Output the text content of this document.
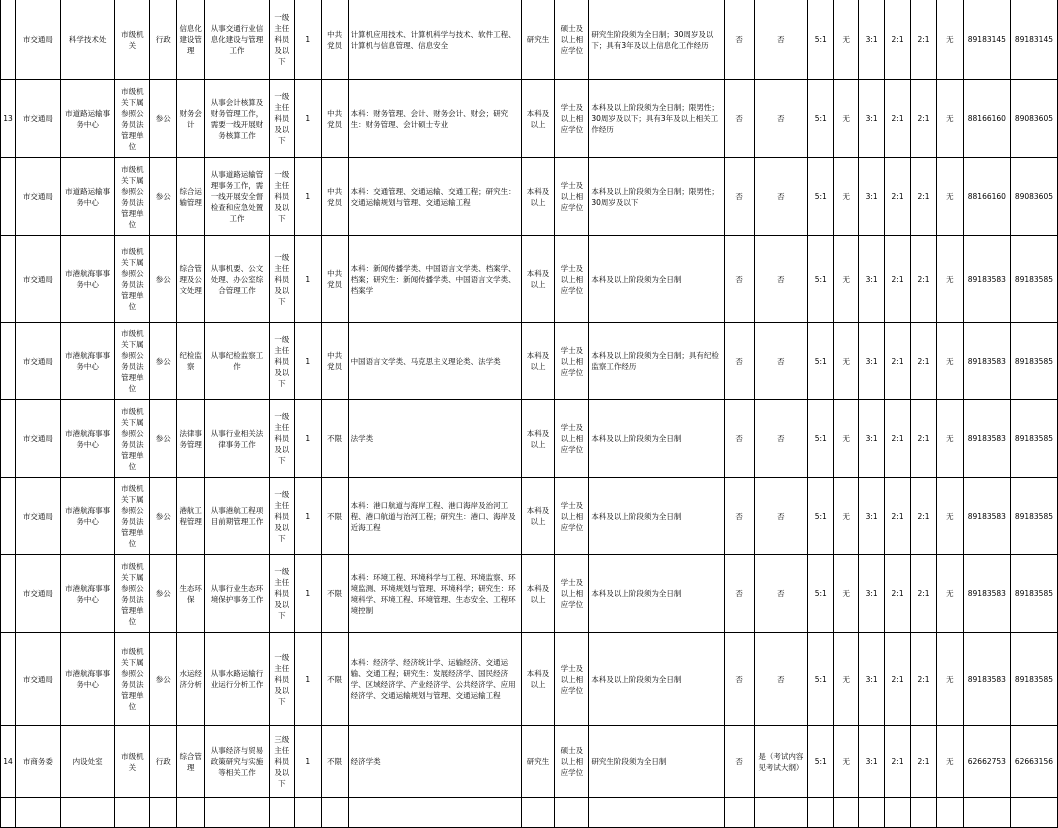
	市交通局	科学技术处	市级机关	行政	信息化建设管理	从事交通行业信息化建设与管理工作	一级主任科员及以下	1	中共党员	计算机应用技术、计算机科学与技术、软件工程、计算机与信息管理、信息安全	研究生	硕士及以上相应学位	研究生阶段须为全日制；30周岁及以下；具有3年及以上信息化工作经历	否	否	5:1	无	3:1	2:1	2:1	无	89183145	89183145
13	市交通局	市道路运输事务中心	市级机关下属参照公务员法管理单位	参公	财务会计	从事会计核算及财务管理工作，需要一线开展财务核算工作	一级主任科员及以下	1	中共党员	本科：财务管理、会计、财务会计、财会；研究生：财务管理、会计硕士专业	本科及以上	学士及以上相应学位	本科及以上阶段须为全日制；限男性；30周岁及以下；具有3年及以上相关工作经历	否	否	5:1	无	3:1	2:1	2:1	无	88166160	89083605
	市交通局	市道路运输事务中心	市级机关下属参照公务员法管理单位	参公	综合运输管理	从事道路运输管理事务工作，需一线开展安全督检查和应急处置工作	一级主任科员及以下	1	中共党员	本科：交通管理、交通运输、交通工程；研究生：交通运输规划与管理、交通运输工程	本科及以上	学士及以上相应学位	本科及以上阶段须为全日制；限男性；30周岁及以下	否	否	5:1	无	3:1	2:1	2:1	无	88166160	89083605
	市交通局	市港航海事事务中心	市级机关下属参照公务员法管理单位	参公	综合管理及公文处理	从事机要、公文处理、办公室综合管理工作	一级主任科员及以下	1	中共党员	本科：新闻传播学类、中国语言文学类、档案学、档案；研究生：新闻传播学类、中国语言文学类、档案学	本科及以上	学士及以上相应学位	本科及以上阶段须为全日制	否	否	5:1	无	3:1	2:1	2:1	无	89183583	89183585
	市交通局	市港航海事事务中心	市级机关下属参照公务员法管理单位	参公	纪检监察	从事纪检监察工作	一级主任科员及以下	1	中共党员	中国语言文学类、马克思主义理论类、法学类	本科及以上	学士及以上相应学位	本科及以上阶段须为全日制；具有纪检监察工作经历	否	否	5:1	无	3:1	2:1	2:1	无	89183583	89183585
	市交通局	市港航海事事务中心	市级机关下属参照公务员法管理单位	参公	法律事务管理	从事行业相关法律事务工作	一级主任科员及以下	1	不限	法学类	本科及以上	学士及以上相应学位	本科及以上阶段须为全日制	否	否	5:1	无	3:1	2:1	2:1	无	89183583	89183585
	市交通局	市港航海事事务中心	市级机关下属参照公务员法管理单位	参公	港航工程管理	从事港航工程项目前期管理工作	一级主任科员及以下	1	不限	本科：港口航道与海岸工程、港口海岸及治河工程、港口航道与治河工程；研究生：港口、海岸及近海工程	本科及以上	学士及以上相应学位	本科及以上阶段须为全日制	否	否	5:1	无	3:1	2:1	2:1	无	89183583	89183585
	市交通局	市港航海事事务中心	市级机关下属参照公务员法管理单位	参公	生态环保	从事行业生态环境保护事务工作	一级主任科员及以下	1	不限	本科：环境工程、环境科学与工程、环境监察、环境监测、环境规划与管理、环境科学；研究生：环境科学、环境工程、环境管理、生态安全、工程环境控制	本科及以上	学士及以上相应学位	本科及以上阶段须为全日制	否	否	5:1	无	3:1	2:1	2:1	无	89183583	89183585
	市交通局	市港航海事事务中心	市级机关下属参照公务员法管理单位	参公	水运经济分析	从事水路运输行业运行分析工作	一级主任科员及以下	1	不限	本科：经济学、经济统计学、运输经济、交通运输、交通工程；研究生：发展经济学、国民经济学、区域经济学、产业经济学、公共经济学、应用经济学、交通运输规划与管理、交通运输工程	本科及以上	学士及以上相应学位	本科及以上阶段须为全日制	否	否	5:1	无	3:1	2:1	2:1	无	89183583	89183585
14	市商务委	内设处室	市级机关	行政	综合管理	从事经济与贸易政策研究与实施等相关工作	三级主任科员及以下	1	不限	经济学类	研究生	硕士及以上相应学位	研究生阶段须为全日制	否	是（考试内容见考试大纲）	5:1	无	3:1	2:1	2:1	无	62662753	62663156
